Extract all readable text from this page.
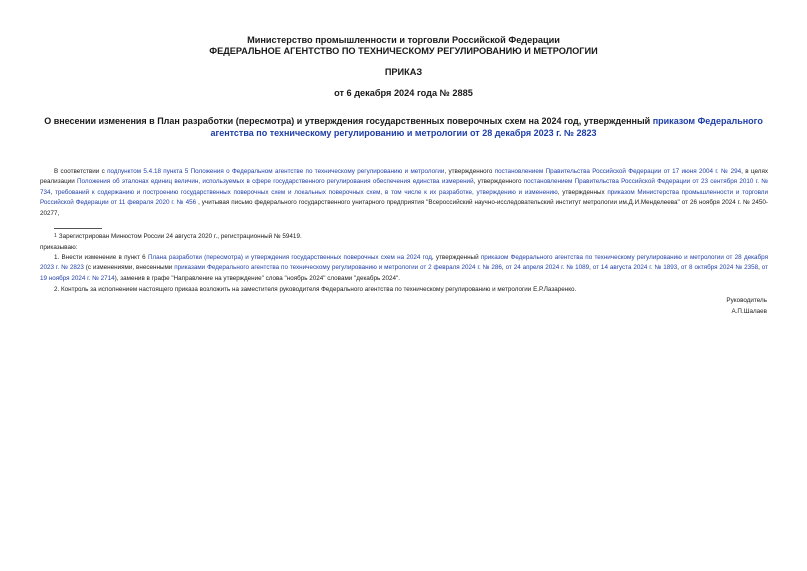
Министерство промышленности и торговли Российской Федерации
ФЕДЕРАЛЬНОЕ АГЕНТСТВО ПО ТЕХНИЧЕСКОМУ РЕГУЛИРОВАНИЮ И МЕТРОЛОГИИ
ПРИКАЗ
от 6 декабря 2024 года № 2885
О внесении изменения в План разработки (пересмотра) и утверждения государственных поверочных схем на 2024 год, утвержденный приказом Федерального агентства по техническому регулированию и метрологии от 28 декабря 2023 г. № 2823
В соответствии с подпунктом 5.4.18 пункта 5 Положения о Федеральном агентстве по техническому регулированию и метрологии, утвержденного постановлением Правительства Российской Федерации от 17 июня 2004 г. № 294, в целях реализации Положения об эталонах единиц величин, используемых в сфере государственного регулирования обеспечения единства измерений, утвержденного постановлением Правительства Российской Федерации от 23 сентября 2010 г. № 734, требований к содержанию и построению государственных поверочных схем и локальных поверочных схем, в том числе к их разработке, утверждению и изменению, утвержденных приказом Министерства промышленности и торговли Российской Федерации от 11 февраля 2020 г. № 456 , учитывая письмо федерального государственного унитарного предприятия "Всероссийский научно-исследовательский институт метрологии им.Д.И.Менделеева" от 26 ноября 2024 г. № 2450-20277,
$^1$ Зарегистрирован Минюстом России 24 августа 2020 г., регистрационный № 59419.
приказываю:
1. Внести изменение в пункт 6 Плана разработки (пересмотра) и утверждения государственных поверочных схем на 2024 год, утвержденный приказом Федерального агентства по техническому регулированию и метрологии от 28 декабря 2023 г. № 2823 (с изменениями, внесенными приказами Федерального агентства по техническому регулированию и метрологии от 2 февраля 2024 г. № 286, от 24 апреля 2024 г. № 1089, от 14 августа 2024 г. № 1893, от 8 октября 2024 № 2358, от 19 ноября 2024 г. № 2714), заменив в графе "Направление на утверждение" слова "ноябрь 2024" словами "декабрь 2024".
2. Контроль за исполнением настоящего приказа возложить на заместителя руководителя Федерального агентства по техническому регулированию и метрологии Е.Р.Лазаренко.
Руководитель
А.П.Шалаев
